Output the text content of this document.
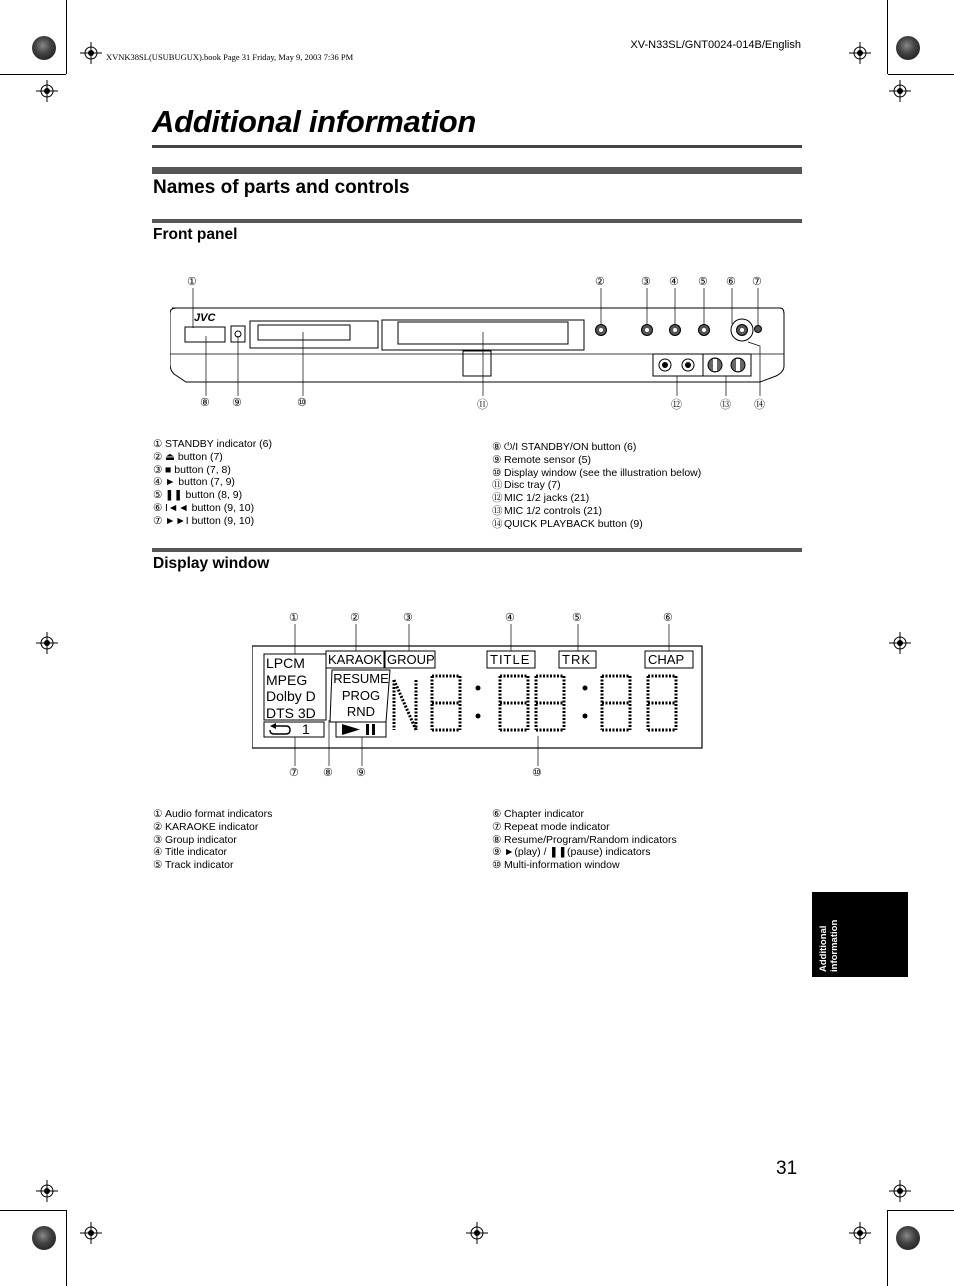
XVNK38SL(USUBUGUX).book Page 31 Friday, May 9, 2003 7:36 PM
XV-N33SL/GNT0024-014B/English
Additional information
Names of parts and controls
Front panel
JVC
①	②	③ ④ ⑤ ⑥ ⑦
⑧ ⑨	⑩	⑪	⑫	⑬ ⑭
① STANDBY indicator (6)
② ⏏ button (7)
③ ■ button (7, 8)
④ ► button (7, 9)
⑤ ❚❚ button (8, 9)
⑥ I◄◄ button (9, 10)
⑦ ►►I button (9, 10)
⑧ ⏻/I STANDBY/ON button (6)
⑨ Remote sensor (5)
⑩ Display window (see the illustration below)
⑪ Disc tray (7)
⑫ MIC 1/2 jacks (21)
⑬ MIC 1/2 controls (21)
⑭ QUICK PLAYBACK button (9)
Display window
LPCM
MPEG
Dolby D
DTS 3D
KARAOK GROUP	TITLE TRK	CHAP
RESUME
PROG
RND
1
①	②	③	④	⑤	⑥
⑦ ⑧ ⑨	⑩
① Audio format indicators
② KARAOKE indicator
③ Group indicator
④ Title indicator
⑤ Track indicator
⑥ Chapter indicator
⑦ Repeat mode indicator
⑧ Resume/Program/Random indicators
⑨ ►(play) / ❚❚(pause) indicators
⑩ Multi-information window
Additional information
31
